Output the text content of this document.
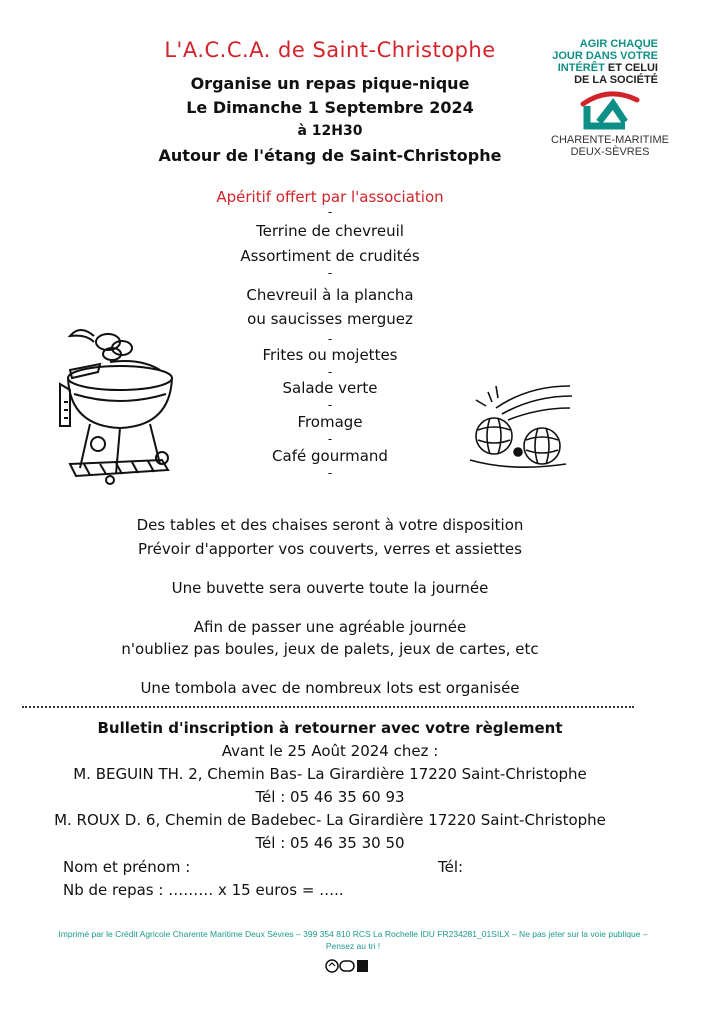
L'A.C.C.A. de Saint-Christophe
Organise un repas pique-nique
Le Dimanche 1 Septembre 2024
à 12H30
Autour de l'étang de Saint-Christophe
AGIR CHAQUE
JOUR DANS VOTRE
INTÉRÊT ET CELUI
DE LA SOCIÉTÉ
CHARENTE-MARITIME
DEUX-SÈVRES
Apéritif offert par l'association
-
Terrine de chevreuil
Assortiment de crudités
-
Chevreuil à la plancha
ou saucisses merguez
-
Frites ou mojettes
-
Salade verte
-
Fromage
-
Café gourmand
-
Des tables et des chaises seront à votre disposition
Prévoir d'apporter vos couverts, verres et assiettes
Une buvette sera ouverte toute la journée
Afin de passer une agréable journée
n'oubliez pas boules, jeux de palets, jeux de cartes, etc
Une tombola avec de nombreux lots est organisée
Bulletin d'inscription à retourner avec votre règlement
Avant le 25 Août 2024 chez :
M. BEGUIN TH. 2, Chemin Bas- La Girardière 17220 Saint-Christophe
Tél : 05 46 35 60 93
M. ROUX D. 6, Chemin de Badebec- La Girardière 17220 Saint-Christophe
Tél : 05 46 35 30 50
Nom et prénom :	Tél:
Nb de repas : ……… x 15 euros = …..
Imprimé par le Crédit Agricole Charente Maritime Deux Sèvres – 399 354 810 RCS La Rochelle IDU FR234281_01SILX – Ne pas jeter sur la voie publique –
Pensez au tri !
